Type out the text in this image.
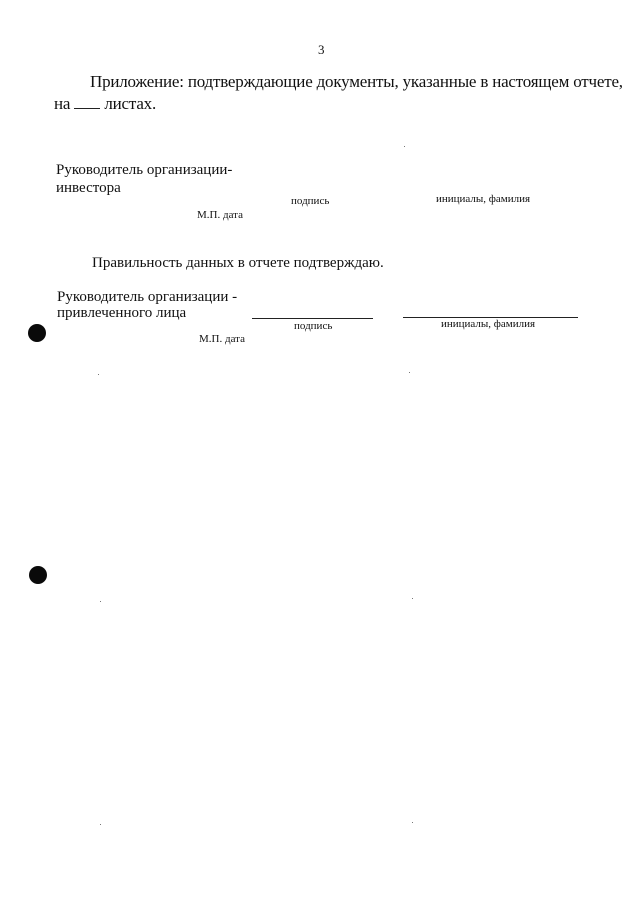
3
Приложение: подтверждающие документы, указанные в настоящем отчете,
на листах.
Руководитель организации-
инвестора
подпись	инициалы, фамилия
М.П. дата
Правильность данных в отчете подтверждаю.
Руководитель организации -
привлеченного лица
подпись	инициалы, фамилия
М.П. дата
